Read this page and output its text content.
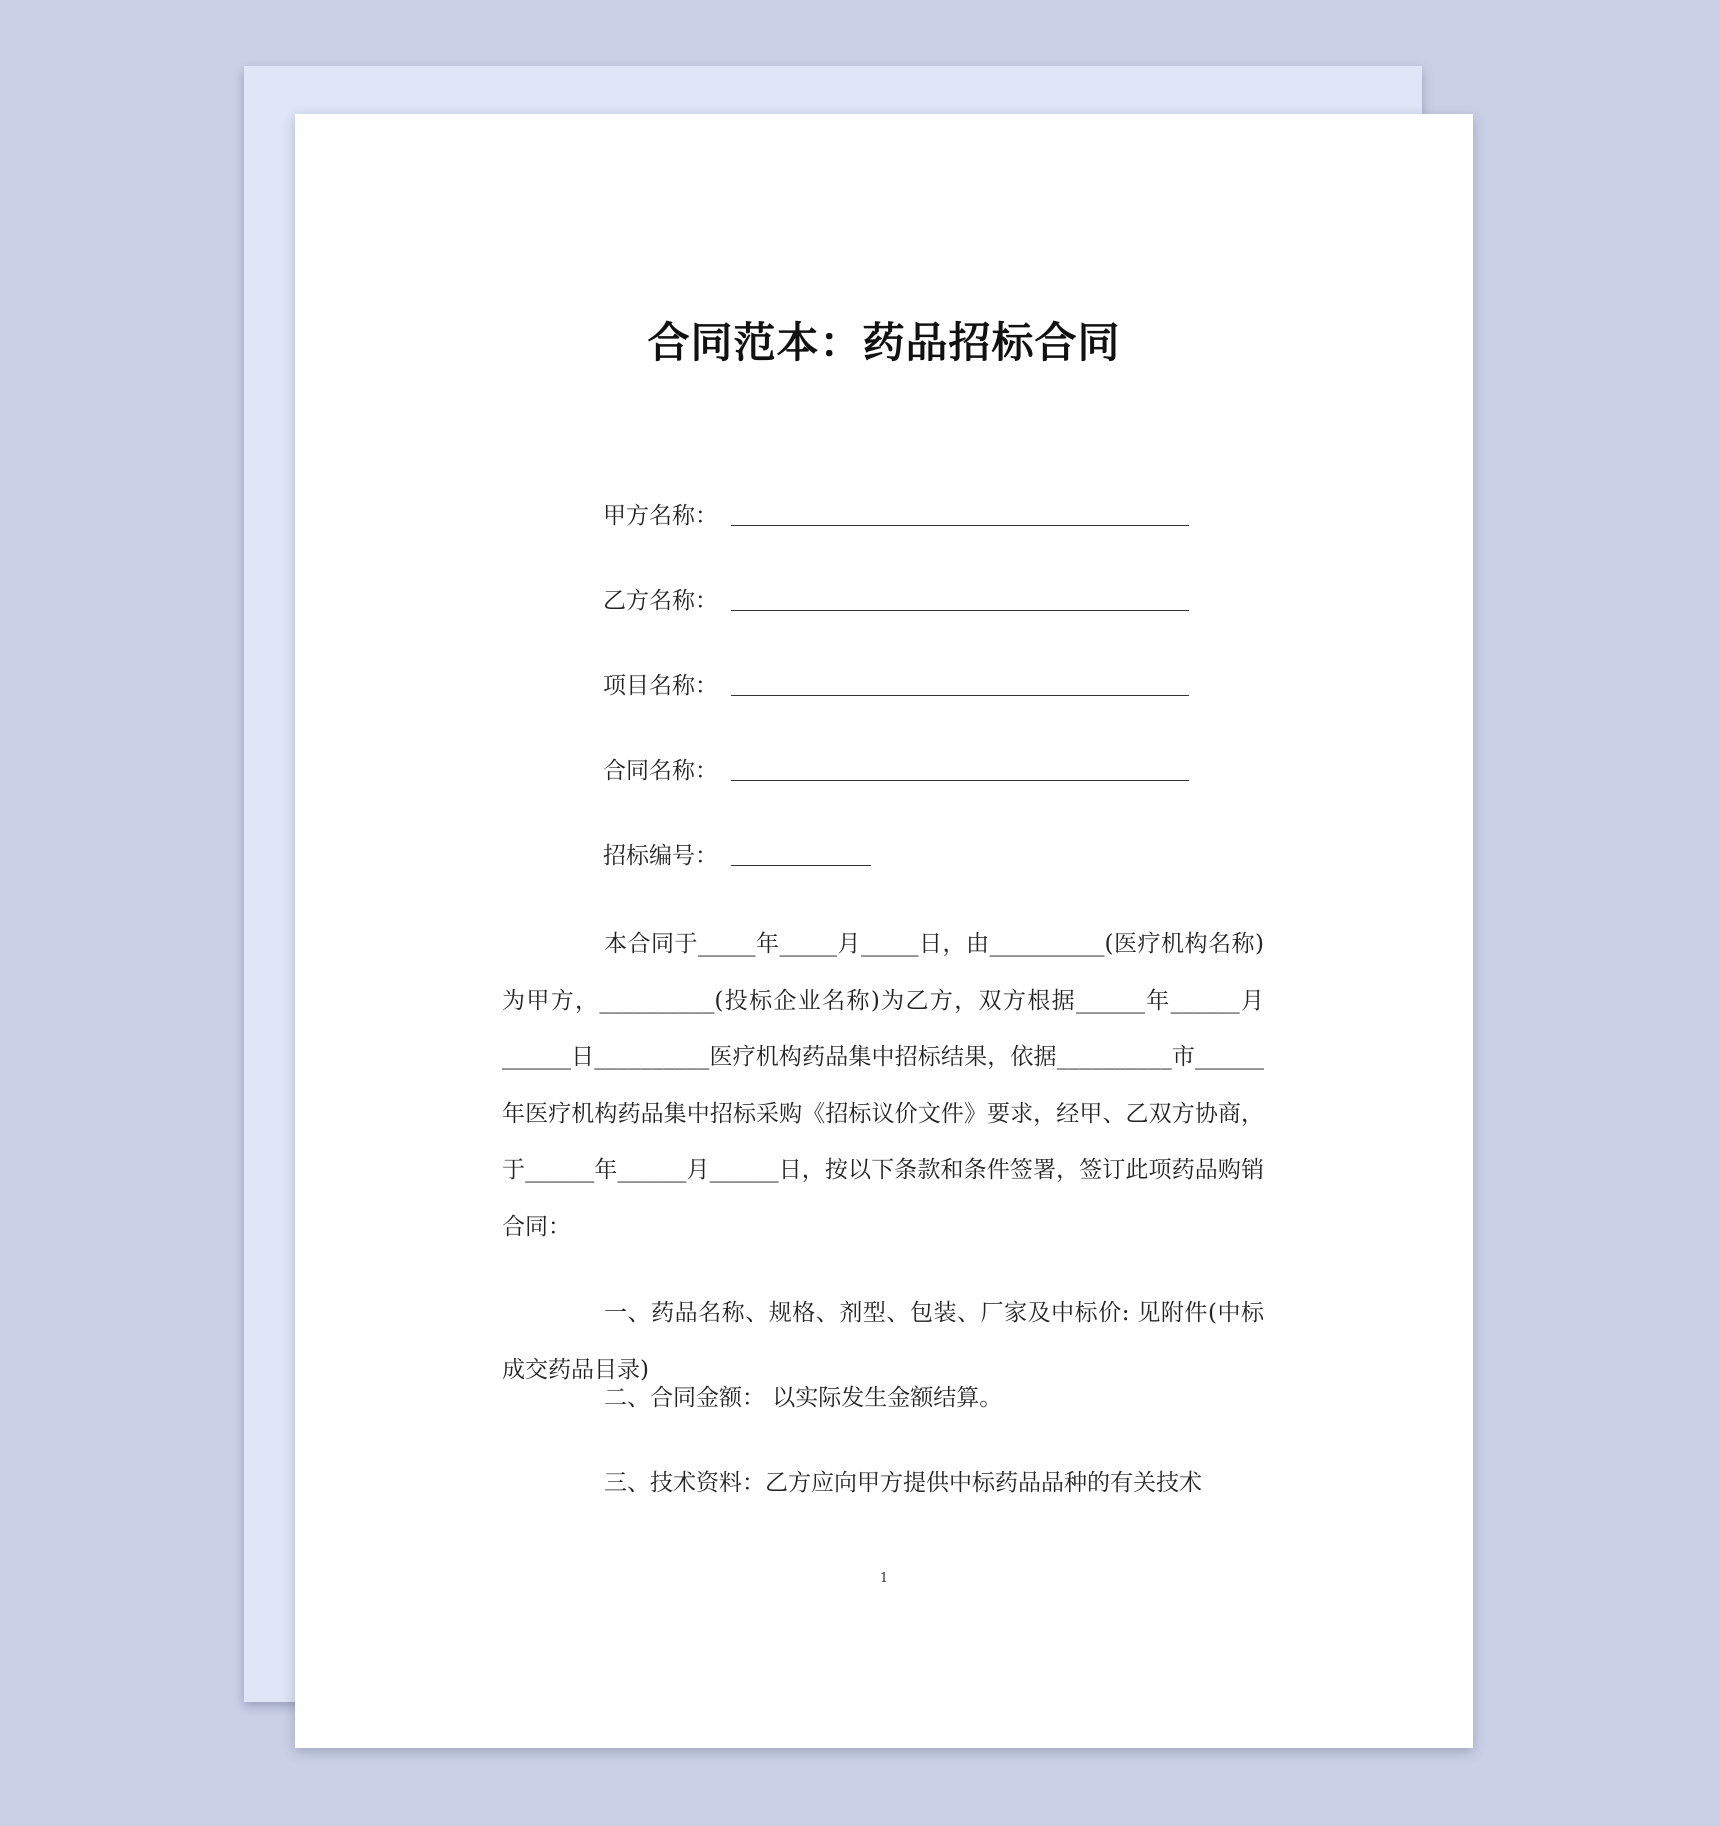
合同范本：药品招标合同
甲方名称：
乙方名称：
项目名称：
合同名称：
招标编号：

本合同于_____年_____月_____日，由__________(医疗机构名称)为甲方，__________(投标企业名称)为乙方，双方根据______年______月______日__________医疗机构药品集中招标结果，依据__________市______年医疗机构药品集中招标采购《招标议价文件》要求，经甲、乙双方协商，于______年______月______日，按以下条款和条件签署，签订此项药品购销合同：

一、药品名称、规格、剂型、包装、厂家及中标价: 见附件(中标成交药品目录)

二、合同金额： 以实际发生金额结算。

三、技术资料：乙方应向甲方提供中标药品品种的有关技术

1
